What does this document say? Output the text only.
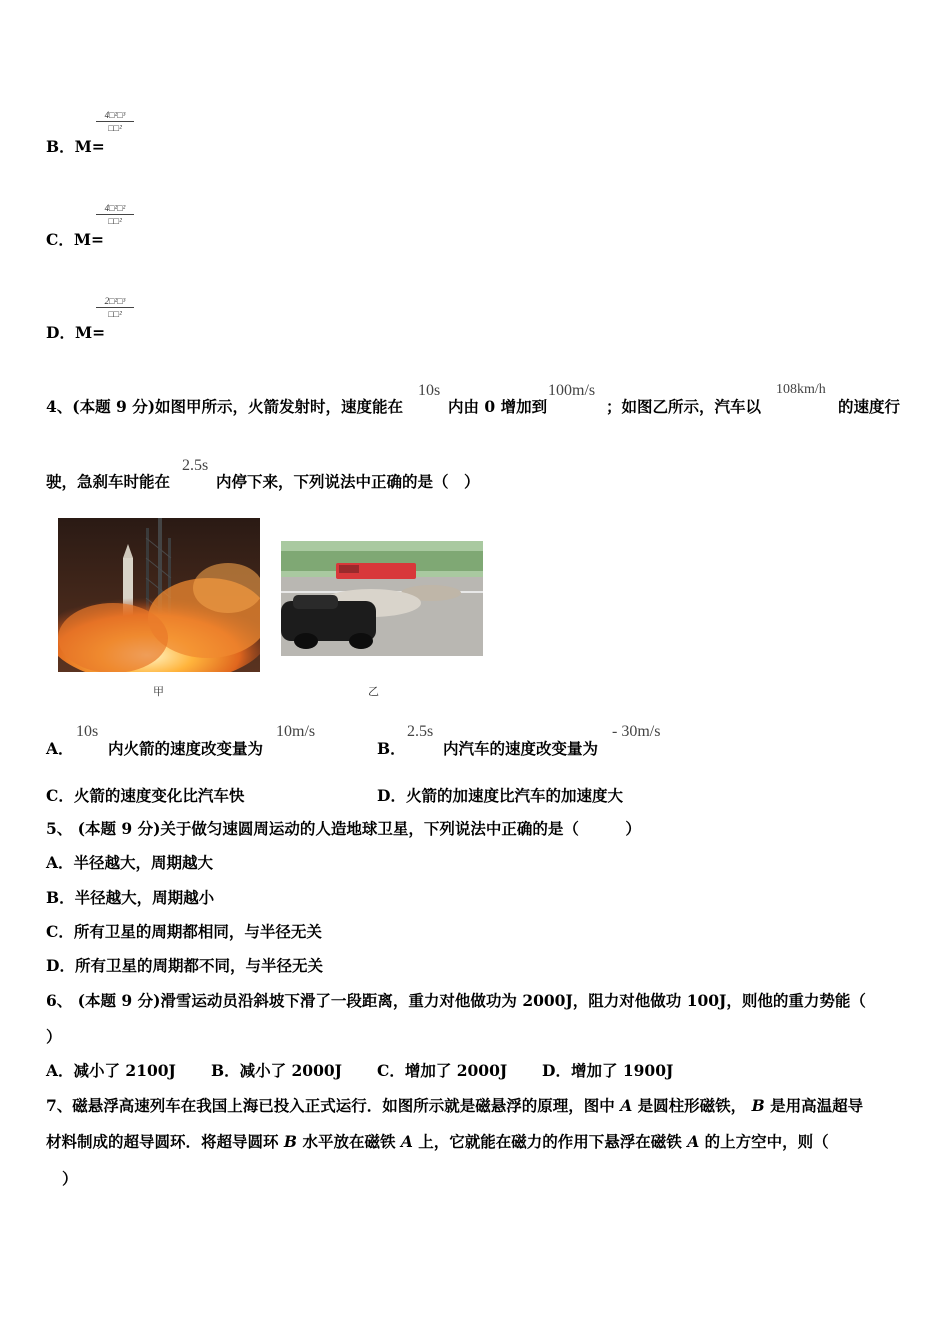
B．M=
4□²□³
□□²
C．M=
4□²□²
□□²
D．M=
2□²□³
□□²
4、(本题 9 分)如图甲所示，火箭发射时，速度能在
10s
内由 0 增加到
100m/s
；如图乙所示，汽车以
108km/h
的速度行
驶，急刹车时能在
2.5s
内停下来，下列说法中正确的是（　）
甲	乙
A．
10s
内火箭的速度改变量为
10m/s
B．
2.5s
内汽车的速度改变量为
- 30m/s
C．火箭的速度变化比汽车快	D．火箭的加速度比汽车的加速度大
5、 (本题 9 分)关于做匀速圆周运动的人造地球卫星，下列说法中正确的是（　　　）
A．半径越大，周期越大
B．半径越大，周期越小
C．所有卫星的周期都相同，与半径无关
D．所有卫星的周期都不同，与半径无关
6、 (本题 9 分)滑雪运动员沿斜坡下滑了一段距离，重力对他做功为 2000J，阻力对他做功 100J，则他的重力势能（
）
A．减小了 2100J B．减小了 2000J C．增加了 2000J D．增加了 1900J
7、磁悬浮高速列车在我国上海已投入正式运行．如图所示就是磁悬浮的原理，图中 A 是圆柱形磁铁， B 是用高温超导
材料制成的超导圆环．将超导圆环 B 水平放在磁铁 A 上，它就能在磁力的作用下悬浮在磁铁 A 的上方空中，则（
）
